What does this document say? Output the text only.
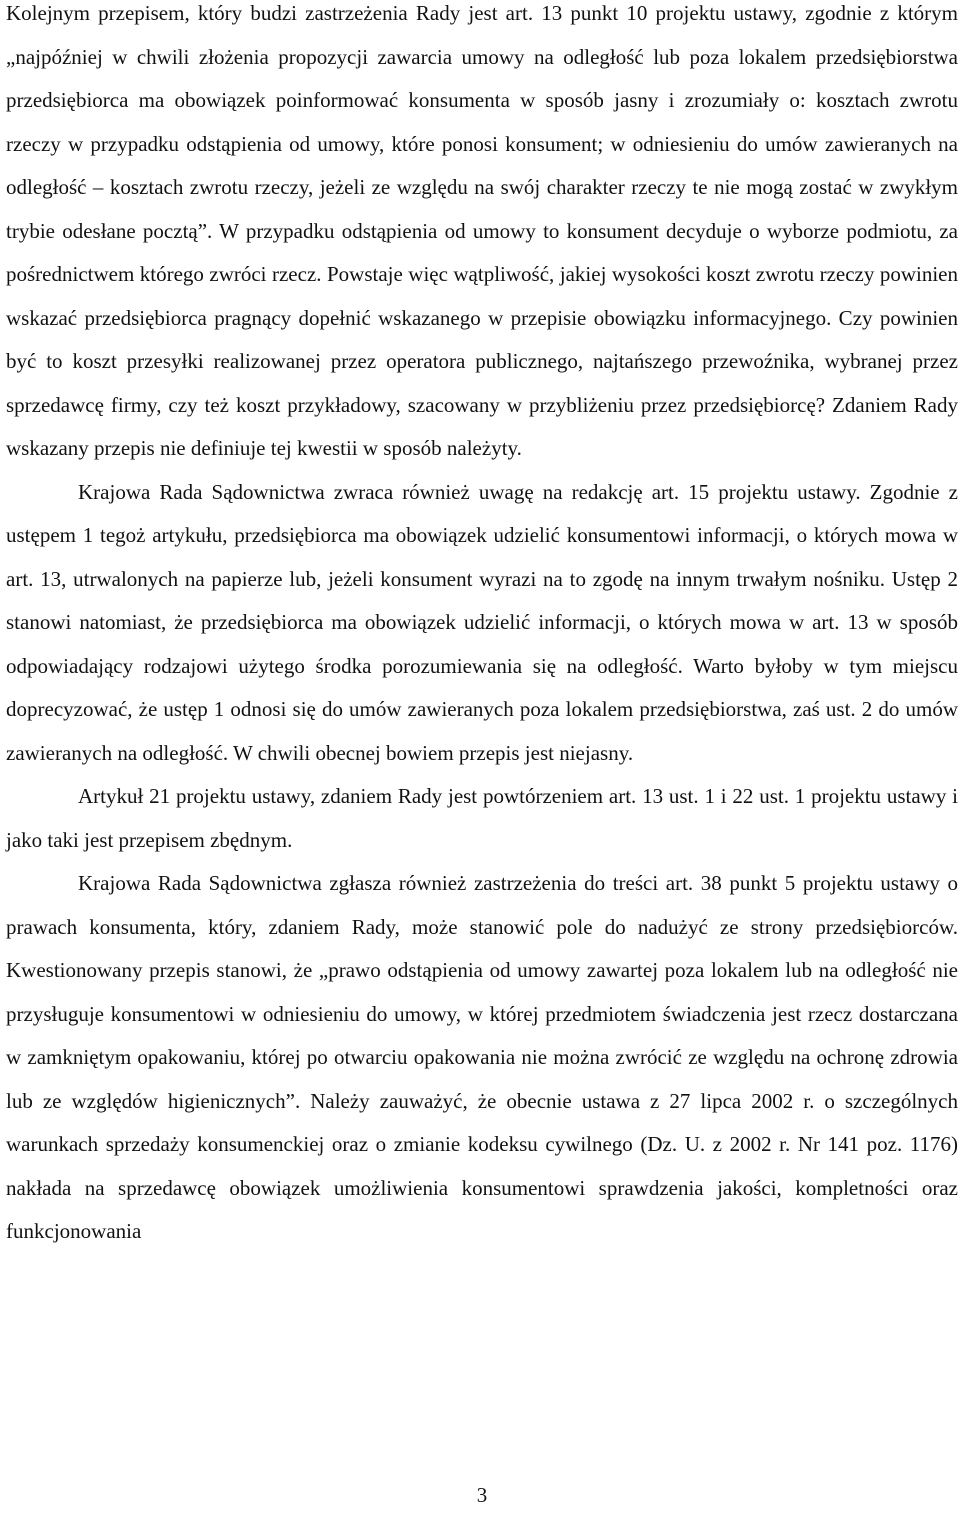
Kolejnym przepisem, który budzi zastrzeżenia Rady jest art. 13 punkt 10 projektu ustawy, zgodnie z którym „najpóźniej w chwili złożenia propozycji zawarcia umowy na odległość lub poza lokalem przedsiębiorstwa przedsiębiorca ma obowiązek poinformować konsumenta w sposób jasny i zrozumiały o: kosztach zwrotu rzeczy w przypadku odstąpienia od umowy, które ponosi konsument; w odniesieniu do umów zawieranych na odległość – kosztach zwrotu rzeczy, jeżeli ze względu na swój charakter rzeczy te nie mogą zostać w zwykłym trybie odesłane pocztą”. W przypadku odstąpienia od umowy to konsument decyduje o wyborze podmiotu, za pośrednictwem którego zwróci rzecz. Powstaje więc wątpliwość, jakiej wysokości koszt zwrotu rzeczy powinien wskazać przedsiębiorca pragnący dopełnić wskazanego w przepisie obowiązku informacyjnego. Czy powinien być to koszt przesyłki realizowanej przez operatora publicznego, najtańszego przewoźnika, wybranej przez sprzedawcę firmy, czy też koszt przykładowy, szacowany w przybliżeniu przez przedsiębiorcę? Zdaniem Rady wskazany przepis nie definiuje tej kwestii w sposób należyty.

Krajowa Rada Sądownictwa zwraca również uwagę na redakcję art. 15 projektu ustawy. Zgodnie z ustępem 1 tegoż artykułu, przedsiębiorca ma obowiązek udzielić konsumentowi informacji, o których mowa w art. 13, utrwalonych na papierze lub, jeżeli konsument wyrazi na to zgodę na innym trwałym nośniku. Ustęp 2 stanowi natomiast, że przedsiębiorca ma obowiązek udzielić informacji, o których mowa w art. 13 w sposób odpowiadający rodzajowi użytego środka porozumiewania się na odległość. Warto byłoby w tym miejscu doprecyzować, że ustęp 1 odnosi się do umów zawieranych poza lokalem przedsiębiorstwa, zaś ust. 2 do umów zawieranych na odległość. W chwili obecnej bowiem przepis jest niejasny.

Artykuł 21 projektu ustawy, zdaniem Rady jest powtórzeniem art. 13 ust. 1 i 22 ust. 1 projektu ustawy i jako taki jest przepisem zbędnym.

Krajowa Rada Sądownictwa zgłasza również zastrzeżenia do treści art. 38 punkt 5 projektu ustawy o prawach konsumenta, który, zdaniem Rady, może stanowić pole do nadużyć ze strony przedsiębiorców. Kwestionowany przepis stanowi, że „prawo odstąpienia od umowy zawartej poza lokalem lub na odległość nie przysługuje konsumentowi w odniesieniu do umowy, w której przedmiotem świadczenia jest rzecz dostarczana w zamkniętym opakowaniu, której po otwarciu opakowania nie można zwrócić ze względu na ochronę zdrowia lub ze względów higienicznych”. Należy zauważyć, że obecnie ustawa z 27 lipca 2002 r. o szczególnych warunkach sprzedaży konsumenckiej oraz o zmianie kodeksu cywilnego (Dz. U. z 2002 r. Nr 141 poz. 1176) nakłada na sprzedawcę obowiązek umożliwienia konsumentowi sprawdzenia jakości, kompletności oraz funkcjonowania

3
